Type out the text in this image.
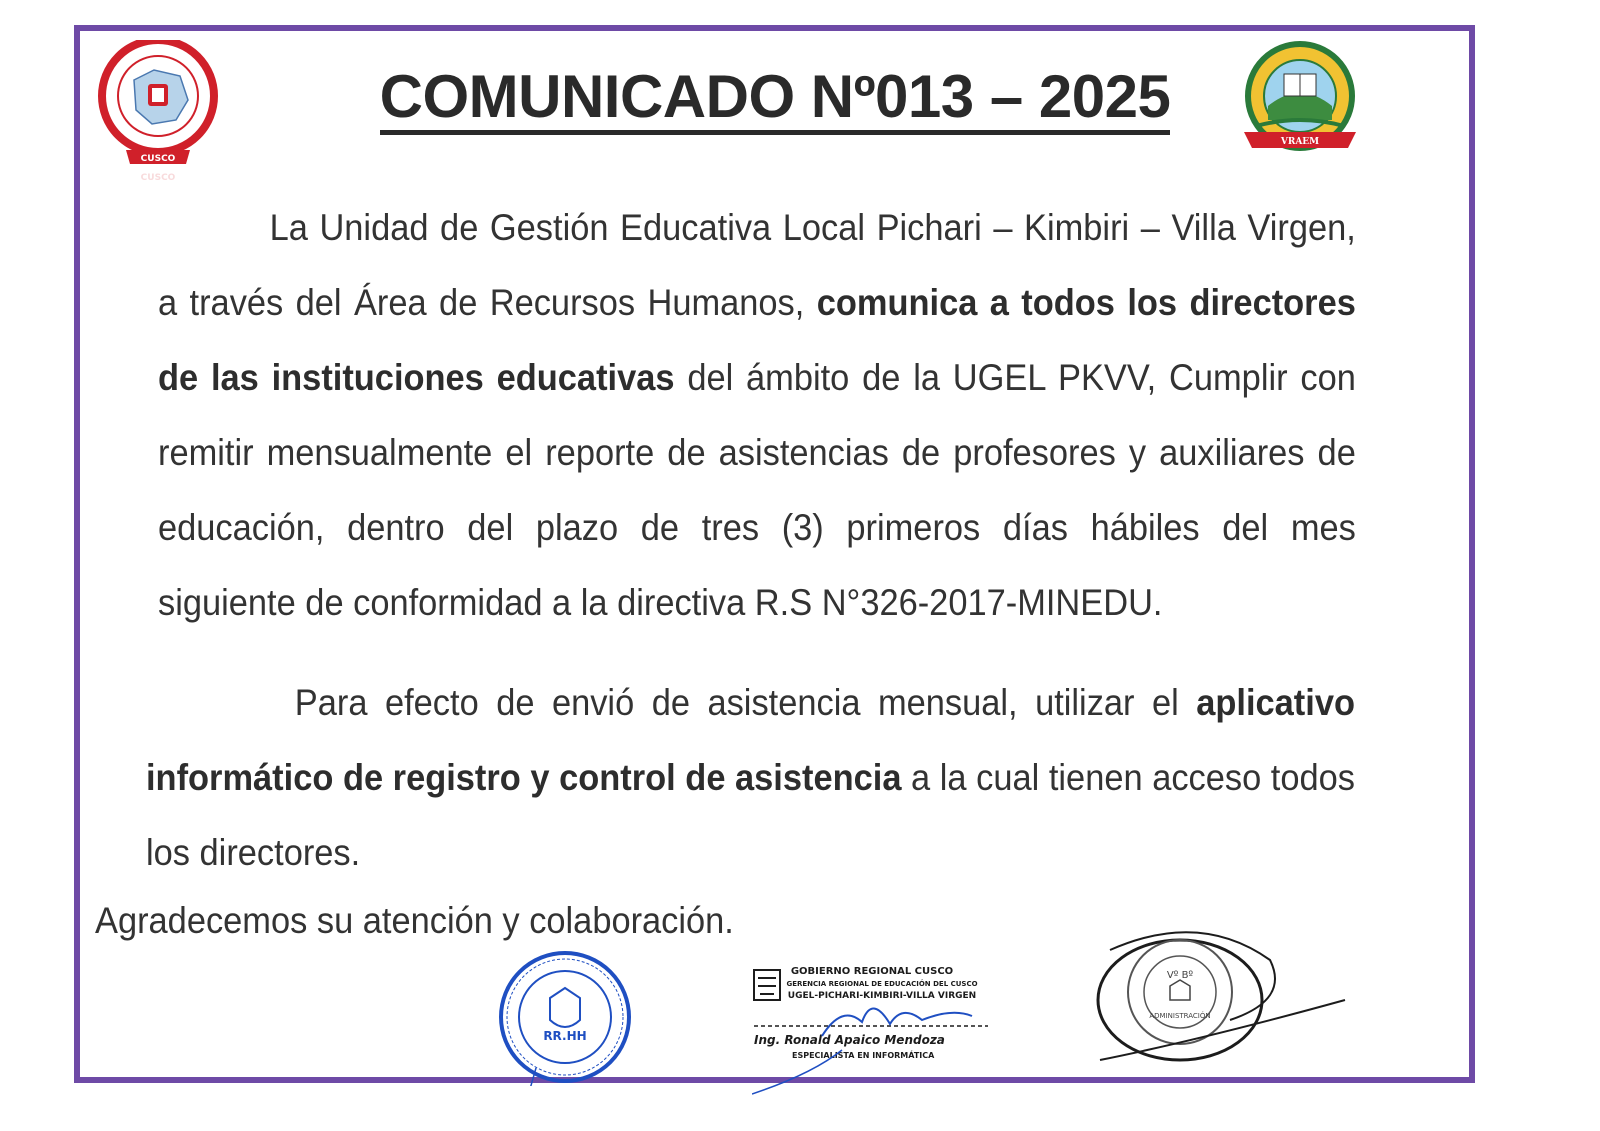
CUSCO
CUSCO
VRAEM
COMUNICADO Nº013 – 2025
La Unidad de Gestión Educativa Local Pichari – Kimbiri – Villa Virgen, a través del Área de Recursos Humanos, comunica a todos los directores de las instituciones educativas del ámbito de la UGEL PKVV, Cumplir con remitir mensualmente el reporte de asistencias de profesores y auxiliares de educación, dentro del plazo de tres (3) primeros días hábiles del mes siguiente de conformidad a la directiva R.S N°326-2017-MINEDU.
Para efecto de envió de asistencia mensual, utilizar el aplicativo informático de registro y control de asistencia a la cual tienen acceso todos los directores.
Agradecemos su atención y colaboración.
RR.HH
GOBIERNO REGIONAL CUSCO
GERENCIA REGIONAL DE EDUCACIÓN DEL CUSCO
UGEL-PICHARI-KIMBIRI-VILLA VIRGEN
Ing. Ronald Apaico Mendoza
ESPECIALISTA EN INFORMÁTICA
Vº Bº
ADMINISTRACIÓN
